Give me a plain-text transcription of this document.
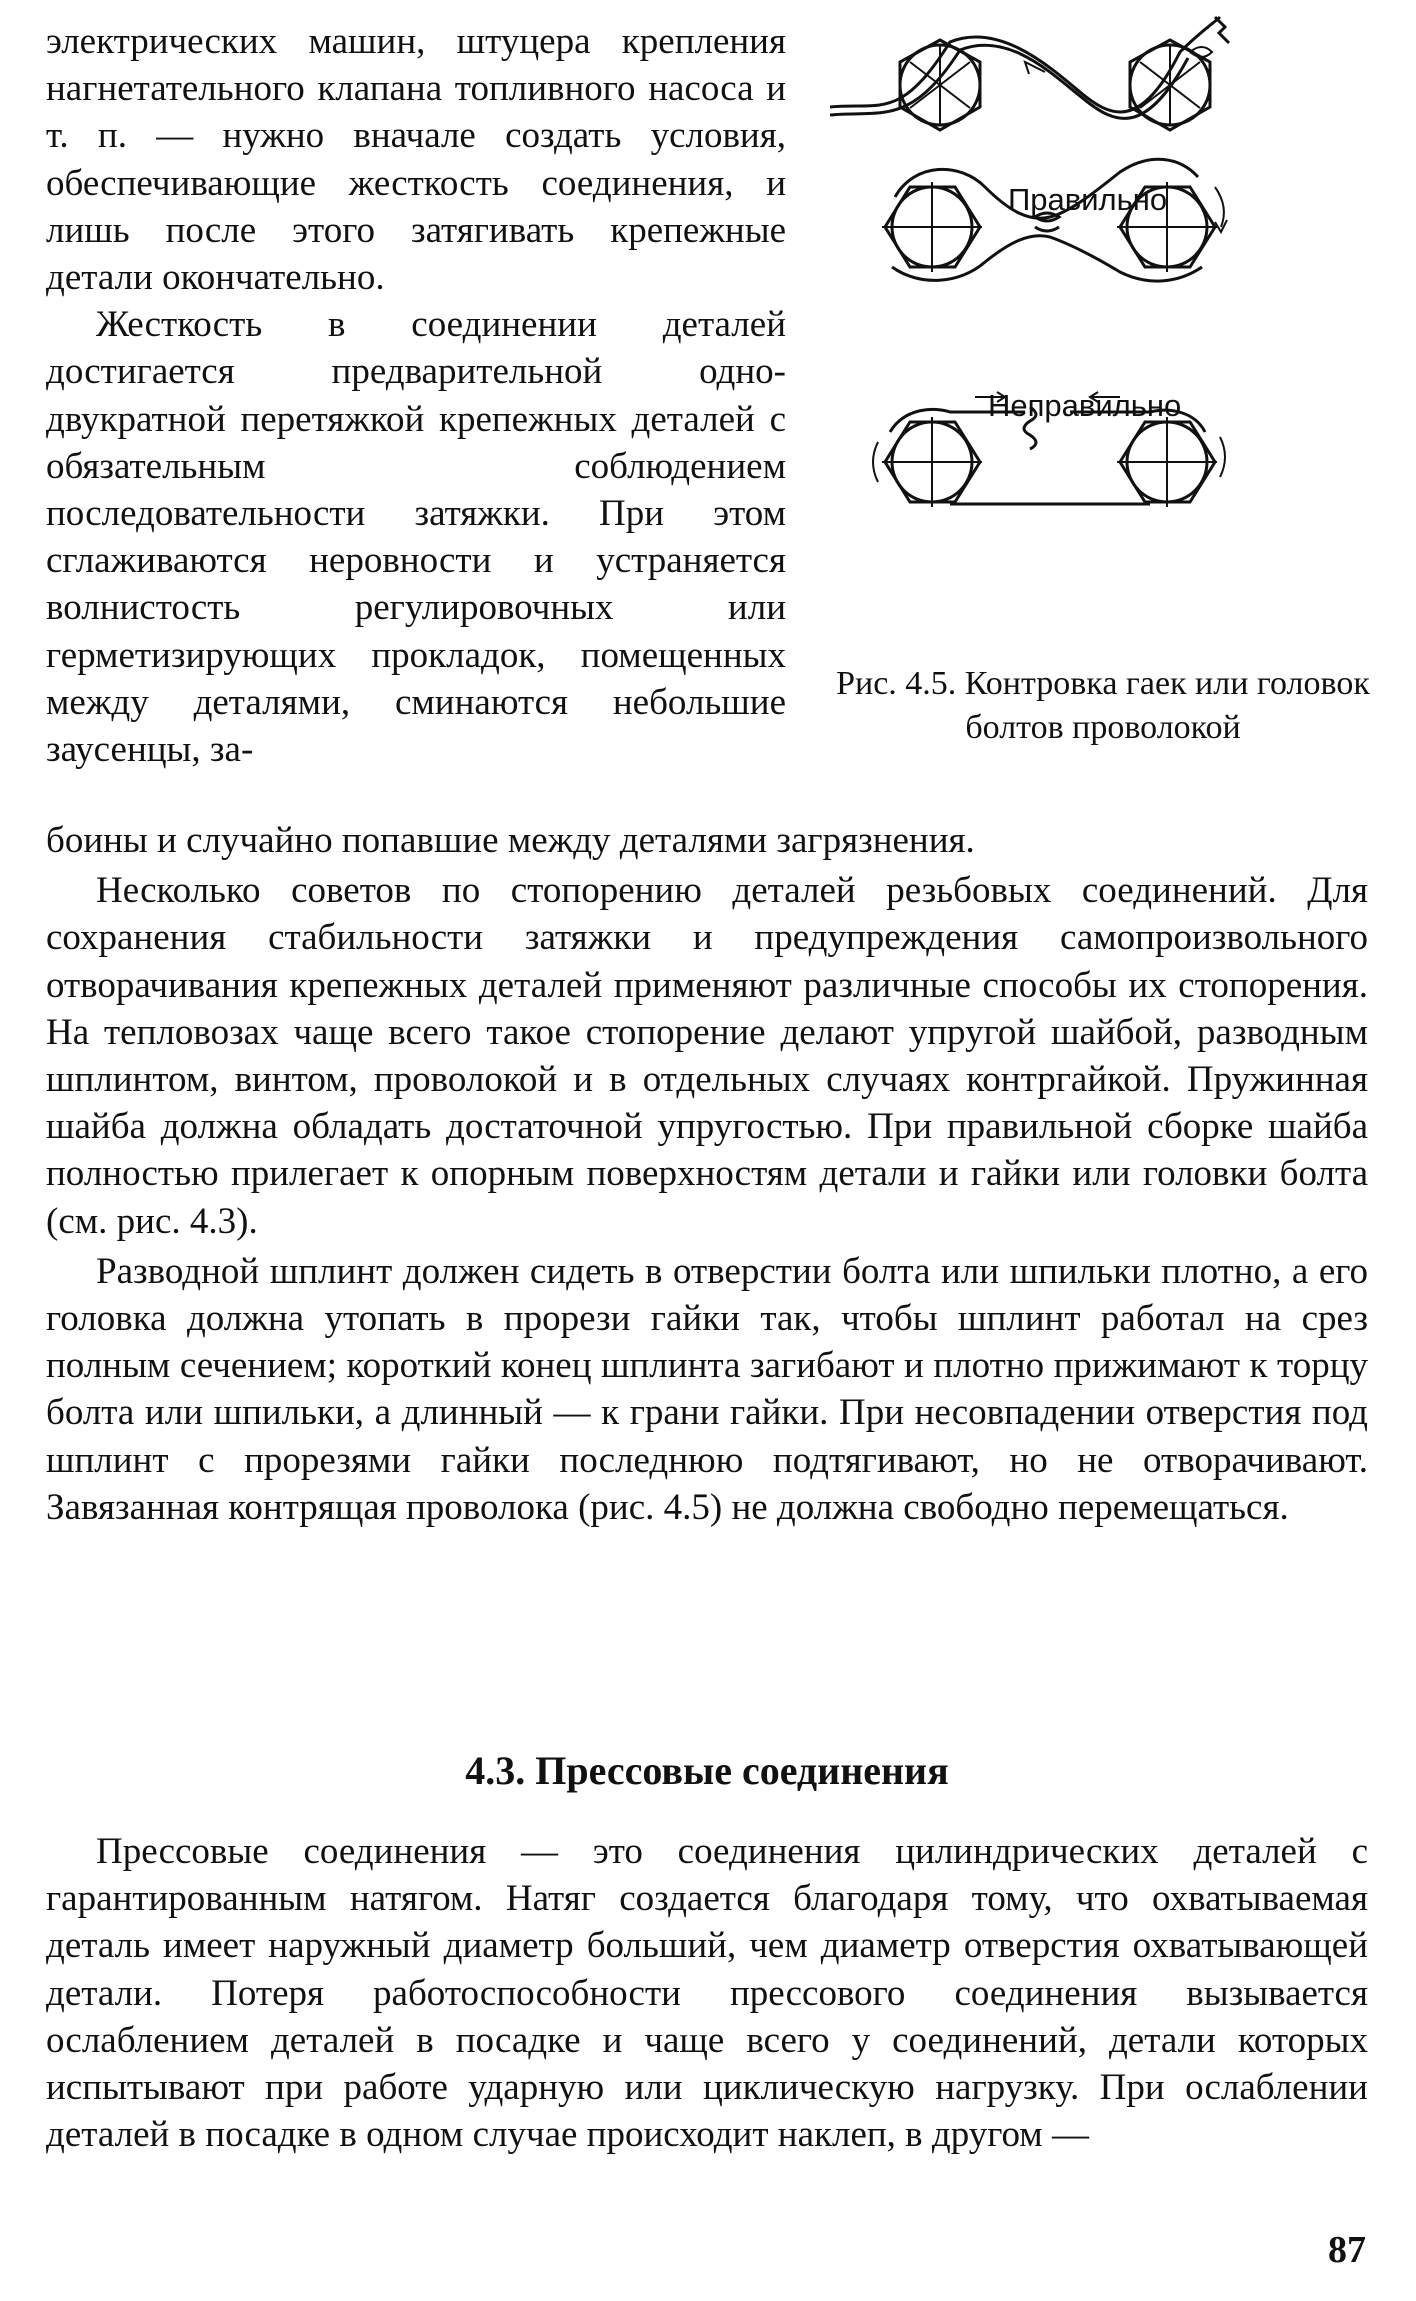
электрических машин, штуцера крепления нагнетательного клапана топливного насоса и т. п. — нужно вначале создать условия, обеспечивающие жесткость соединения, и лишь после этого затягивать крепежные детали окончательно.

Жесткость в соединении деталей достигается предварительной одно-двукратной перетяжкой крепежных деталей с обязательным соблюдением последовательности затяжки. При этом сглаживаются неровности и устраняется волнистость регулировочных или герметизирующих прокладок, помещенных между деталями, сминаются небольшие заусенцы, за-

Правильно
Неправильно
Рис. 4.5. Контровка гаек или головок болтов проволокой

боины и случайно попавшие между деталями загрязнения.

Несколько советов по стопорению деталей резьбовых соединений. Для сохранения стабильности затяжки и предупреждения самопроизвольного отворачивания крепежных деталей применяют различные способы их стопорения. На тепловозах чаще всего такое стопорение делают упругой шайбой, разводным шплинтом, винтом, проволокой и в отдельных случаях контргайкой. Пружинная шайба должна обладать достаточной упругостью. При правильной сборке шайба полностью прилегает к опорным поверхностям детали и гайки или головки болта (см. рис. 4.3).

Разводной шплинт должен сидеть в отверстии болта или шпильки плотно, а его головка должна утопать в прорези гайки так, чтобы шплинт работал на срез полным сечением; короткий конец шплинта загибают и плотно прижимают к торцу болта или шпильки, а длинный — к грани гайки. При несовпадении отверстия под шплинт с прорезями гайки последнюю подтягивают, но не отворачивают. Завязанная контрящая проволока (рис. 4.5) не должна свободно перемещаться.

4.3. Прессовые соединения

Прессовые соединения — это соединения цилиндрических деталей с гарантированным натягом. Натяг создается благодаря тому, что охватываемая деталь имеет наружный диаметр больший, чем диаметр отверстия охватывающей детали. Потеря работоспособности прессового соединения вызывается ослаблением деталей в посадке и чаще всего у соединений, детали которых испытывают при работе ударную или циклическую нагрузку. При ослаблении деталей в посадке в одном случае происходит наклеп, в другом —

87
